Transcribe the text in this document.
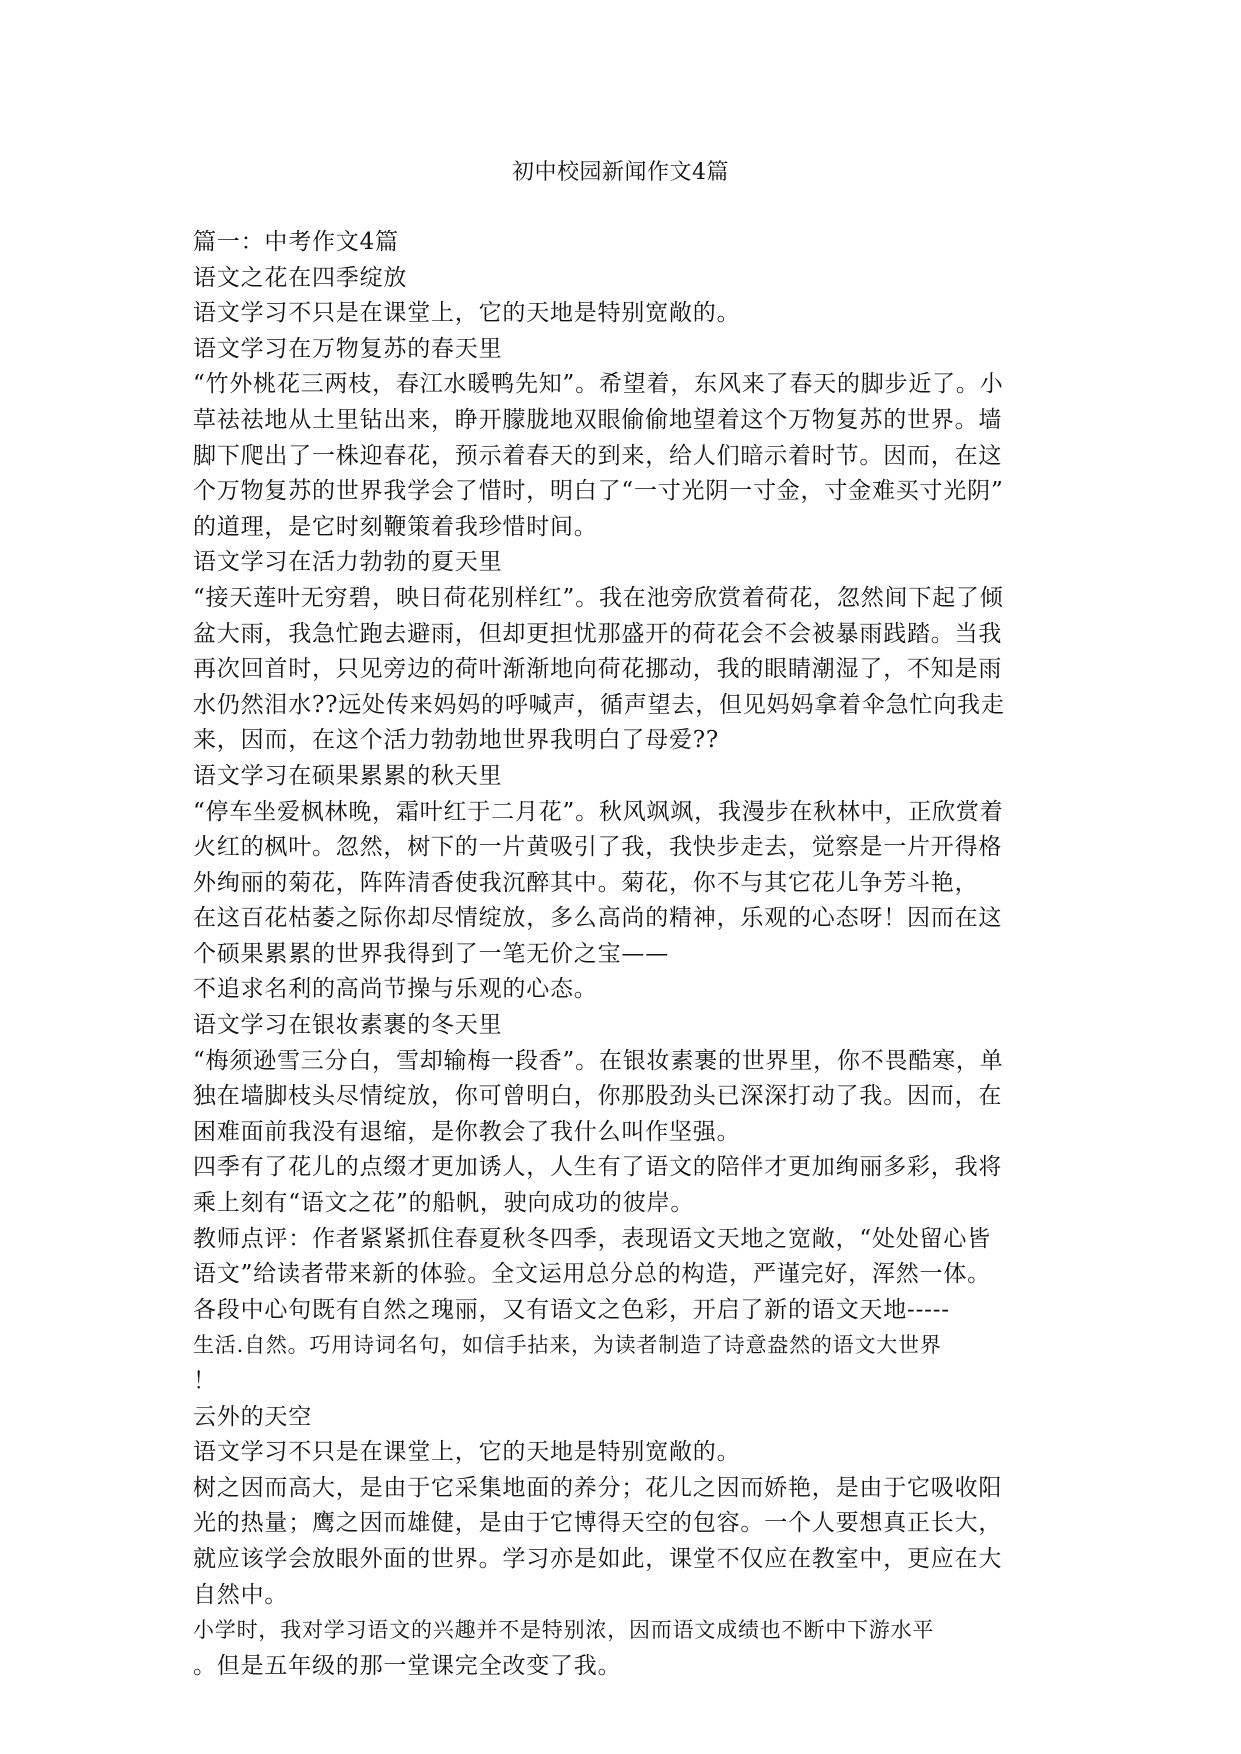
初中校园新闻作文4篇
篇一：中考作文4篇
语文之花在四季绽放
语文学习不只是在课堂上，它的天地是特别宽敞的。
语文学习在万物复苏的春天里
“竹外桃花三两枝，春江水暖鸭先知”。希望着，东风来了春天的脚步近了。小
草祛祛地从土里钻出来，睁开朦胧地双眼偷偷地望着这个万物复苏的世界。墙
脚下爬出了一株迎春花，预示着春天的到来，给人们暗示着时节。因而，在这
个万物复苏的世界我学会了惜时，明白了“一寸光阴一寸金，寸金难买寸光阴”
的道理，是它时刻鞭策着我珍惜时间。
语文学习在活力勃勃的夏天里
“接天莲叶无穷碧，映日荷花别样红”。我在池旁欣赏着荷花，忽然间下起了倾
盆大雨，我急忙跑去避雨，但却更担忧那盛开的荷花会不会被暴雨践踏。当我
再次回首时，只见旁边的荷叶渐渐地向荷花挪动，我的眼睛潮湿了，不知是雨
水仍然泪水??远处传来妈妈的呼喊声，循声望去，但见妈妈拿着伞急忙向我走
来，因而，在这个活力勃勃地世界我明白了母爱??
语文学习在硕果累累的秋天里
“停车坐爱枫林晚，霜叶红于二月花”。秋风飒飒，我漫步在秋林中，正欣赏着
火红的枫叶。忽然，树下的一片黄吸引了我，我快步走去，觉察是一片开得格
外绚丽的菊花，阵阵清香使我沉醉其中。菊花，你不与其它花儿争芳斗艳，
在这百花枯萎之际你却尽情绽放，多么高尚的精神，乐观的心态呀！因而在这
个硕果累累的世界我得到了一笔无价之宝——
不追求名利的高尚节操与乐观的心态。
语文学习在银妆素裹的冬天里
“梅须逊雪三分白，雪却输梅一段香”。在银妆素裹的世界里，你不畏酷寒，单
独在墙脚枝头尽情绽放，你可曾明白，你那股劲头已深深打动了我。因而，在
困难面前我没有退缩，是你教会了我什么叫作坚强。
四季有了花儿的点缀才更加诱人，人生有了语文的陪伴才更加绚丽多彩，我将
乘上刻有“语文之花”的船帆，驶向成功的彼岸。
教师点评：作者紧紧抓住春夏秋冬四季，表现语文天地之宽敞，“处处留心皆
语文”给读者带来新的体验。全文运用总分总的构造，严谨完好，浑然一体。
各段中心句既有自然之瑰丽，又有语文之色彩，开启了新的语文天地-----
生活.自然。巧用诗词名句，如信手拈来，为读者制造了诗意盎然的语文大世界
！
云外的天空
语文学习不只是在课堂上，它的天地是特别宽敞的。
树之因而高大，是由于它采集地面的养分；花儿之因而娇艳，是由于它吸收阳
光的热量；鹰之因而雄健，是由于它博得天空的包容。一个人要想真正长大，
就应该学会放眼外面的世界。学习亦是如此，课堂不仅应在教室中，更应在大
自然中。
小学时，我对学习语文的兴趣并不是特别浓，因而语文成绩也不断中下游水平
。但是五年级的那一堂课完全改变了我。
